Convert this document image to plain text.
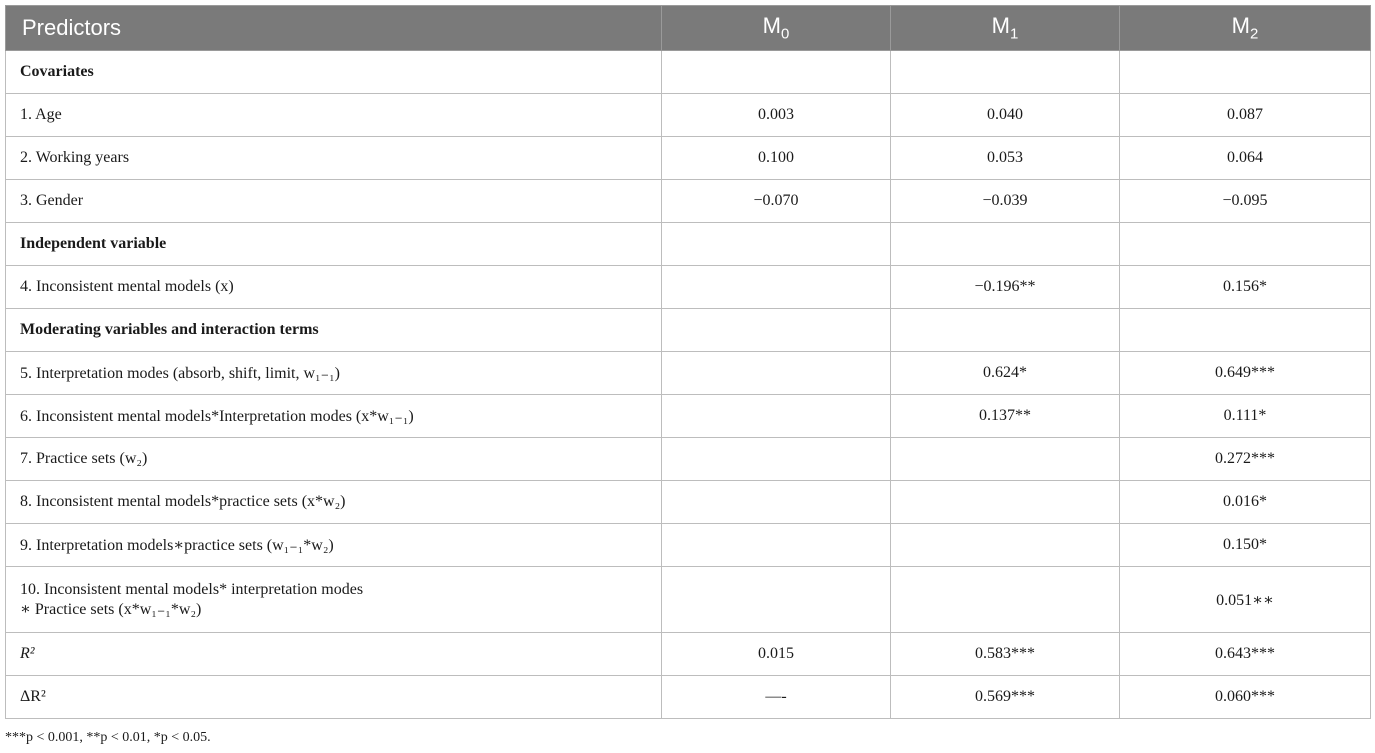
Predictors	$M_0$	$M_1$	$M_2$
Covariates			
1. Age	0.003	0.040	0.087
2. Working years	0.100	0.053	0.064
3. Gender	−0.070	−0.039	−0.095
Independent variable			
4. Inconsistent mental models (x)		−0.196**	0.156*
Moderating variables and interaction terms			
5. Interpretation modes (absorb, shift, limit, w₁₋₁)		0.624*	0.649***
6. Inconsistent mental models*Interpretation modes (x*w₁₋₁)		0.137**	0.111*
7. Practice sets (w₂)			0.272***
8. Inconsistent mental models*practice sets (x*w₂)			0.016*
9. Interpretation models∗practice sets (w₁₋₁*w₂)			0.150*

10. Inconsistent mental models* interpretation modes
∗ Practice sets (x*w₁₋₁*w₂)			0.051∗∗
R²	0.015	0.583***	0.643***
ΔR²	—-	0.569***	0.060***
***p < 0.001, **p < 0.01, *p < 0.05.
